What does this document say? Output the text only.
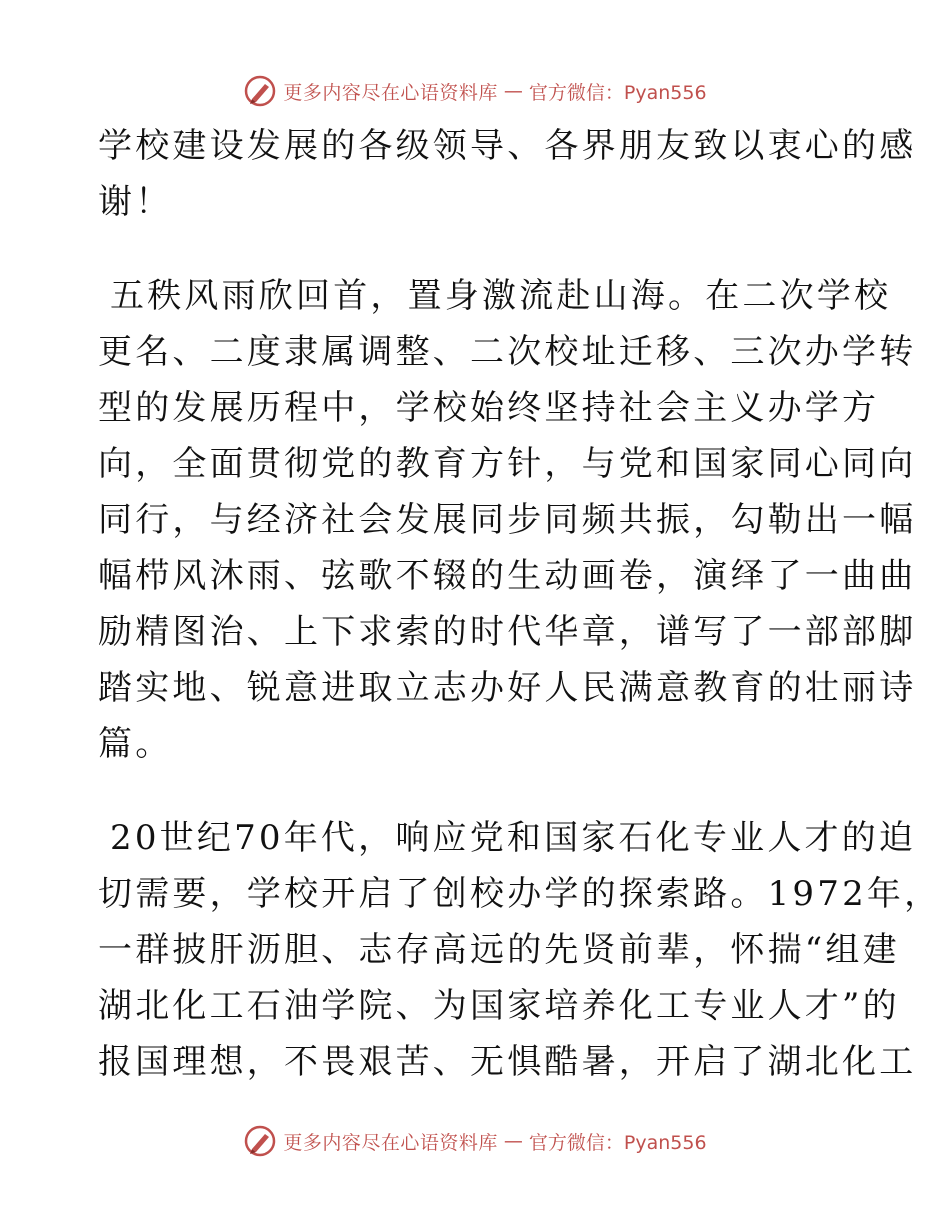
更多内容尽在心语资料库 — 官方微信：Pyan556
学校建设发展的各级领导、各界朋友致以衷心的感
谢！
五秩风雨欣回首，置身激流赴山海。在二次学校
更名、二度隶属调整、二次校址迁移、三次办学转
型的发展历程中，学校始终坚持社会主义办学方
向，全面贯彻党的教育方针，与党和国家同心同向
同行，与经济社会发展同步同频共振，勾勒出一幅
幅栉风沐雨、弦歌不辍的生动画卷，演绎了一曲曲
励精图治、上下求索的时代华章，谱写了一部部脚
踏实地、锐意进取立志办好人民满意教育的壮丽诗
篇。
20世纪70年代，响应党和国家石化专业人才的迫
切需要，学校开启了创校办学的探索路。1972年，
一群披肝沥胆、志存高远的先贤前辈，怀揣“组建
湖北化工石油学院、为国家培养化工专业人才”的
报国理想，不畏艰苦、无惧酷暑，开启了湖北化工
更多内容尽在心语资料库 — 官方微信：Pyan556
